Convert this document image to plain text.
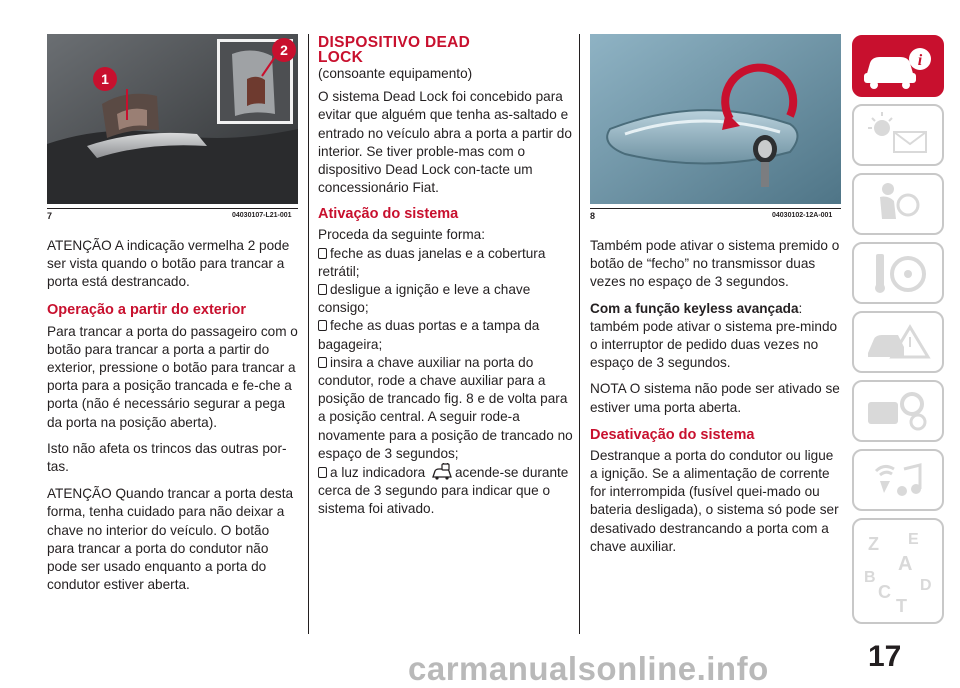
1
2
7	04030107-L21-001

ATENÇÃO A indicação vermelha 2 pode ser vista quando o botão para trancar a porta está destrancado.

Operação a partir do exterior

Para trancar a porta do passageiro com o botão para trancar a porta a partir do exterior, pressione o botão para trancar a porta para a posição trancada e fe-che a porta (não é necessário segurar a pega da porta na posição aberta).

Isto não afeta os trincos das outras por-tas.

ATENÇÃO Quando trancar a porta desta forma, tenha cuidado para não deixar a chave no interior do veículo. O botão para trancar a porta do condutor não pode ser usado enquanto a porta do condutor estiver aberta.

DISPOSITIVO DEAD

LOCK

(consoante equipamento)

O sistema Dead Lock foi concebido para evitar que alguém que tenha as-saltado e entrado no veículo abra a porta a partir do interior. Se tiver proble-mas com o dispositivo Dead Lock con-tacte um concessionário Fiat.

Ativação do sistema

Proceda da seguinte forma:

feche as duas janelas e a cobertura retrátil;

desligue a ignição e leve a chave consigo;

feche as duas portas e a tampa da bagageira;

insira a chave auxiliar na porta do condutor, rode a chave auxiliar para a posição de trancado fig. 8 e de volta para a posição central. A seguir rode-a novamente para a posição de trancado no espaço de 3 segundos;

a luz indicadora acende-se durante cerca de 3 segundo para indicar que o sistema foi ativado.

8	04030102-12A-001

Também pode ativar o sistema premido o botão de “fecho” no transmissor duas vezes no espaço de 3 segundos.

Com a função keyless avançada: também pode ativar o sistema pre-mindo o interruptor de pedido duas vezes no espaço de 3 segundos.

NOTA O sistema não pode ser ativado se estiver uma porta aberta.

Desativação do sistema

Destranque a porta do condutor ou ligue a ignição. Se a alimentação de corrente for interrompida (fusível quei-mado ou bateria desligada), o sistema só pode ser desativado destrancando a porta com a chave auxiliar.

i
Z E
A
B
C D
T
17
carmanualsonline.info
